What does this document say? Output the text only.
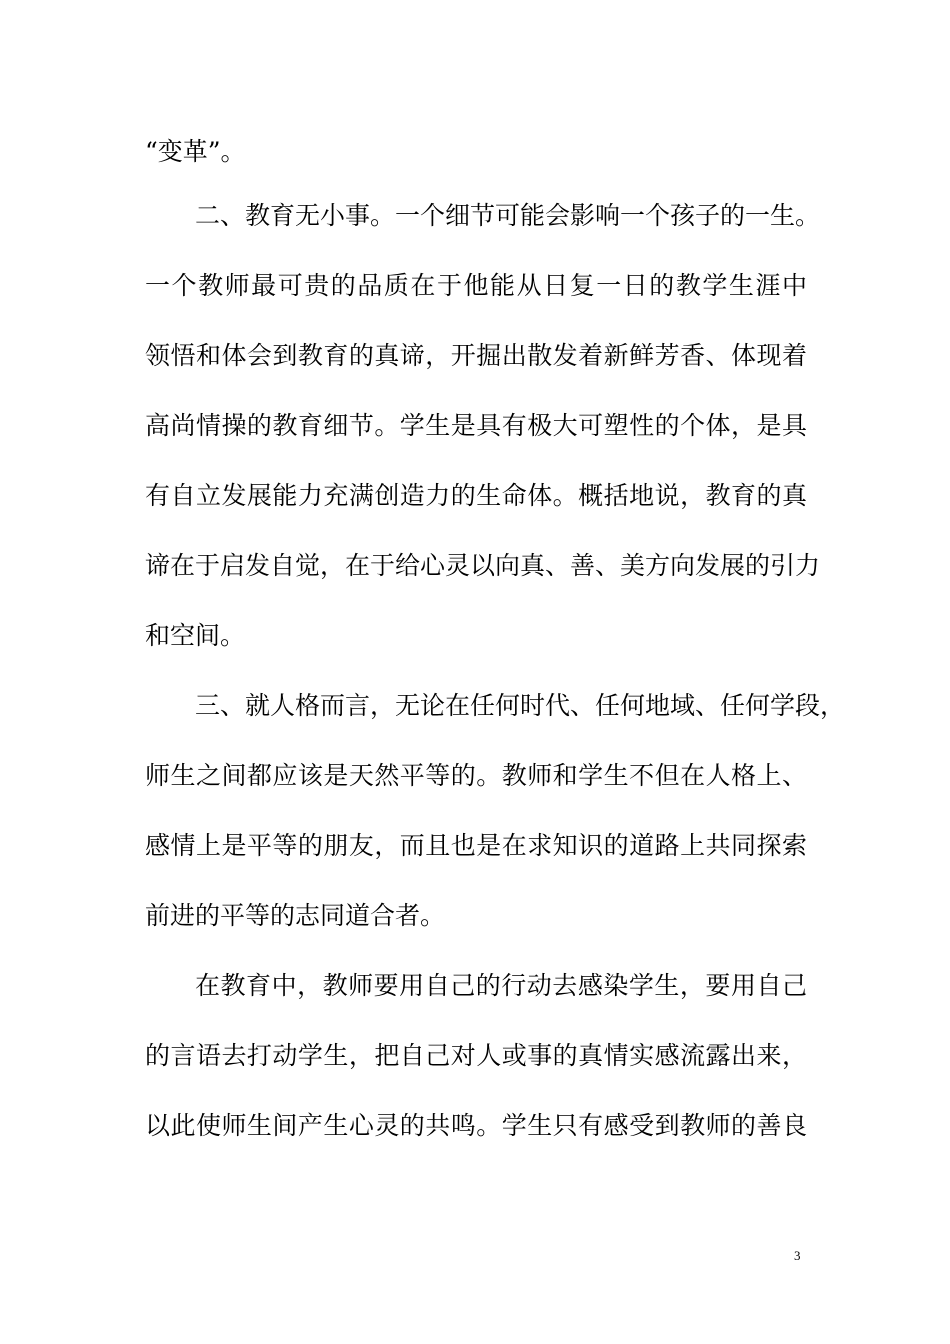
“变革”。
二、教育无小事。一个细节可能会影响一个孩子的一生。
一个教师最可贵的品质在于他能从日复一日的教学生涯中
领悟和体会到教育的真谛，开掘出散发着新鲜芳香、体现着
高尚情操的教育细节。学生是具有极大可塑性的个体，是具
有自立发展能力充满创造力的生命体。概括地说，教育的真
谛在于启发自觉，在于给心灵以向真、善、美方向发展的引力
和空间。
三、就人格而言，无论在任何时代、任何地域、任何学段，
师生之间都应该是天然平等的。教师和学生不但在人格上、
感情上是平等的朋友，而且也是在求知识的道路上共同探索
前进的平等的志同道合者。
在教育中，教师要用自己的行动去感染学生，要用自己
的言语去打动学生，把自己对人或事的真情实感流露出来，
以此使师生间产生心灵的共鸣。学生只有感受到教师的善良
3
